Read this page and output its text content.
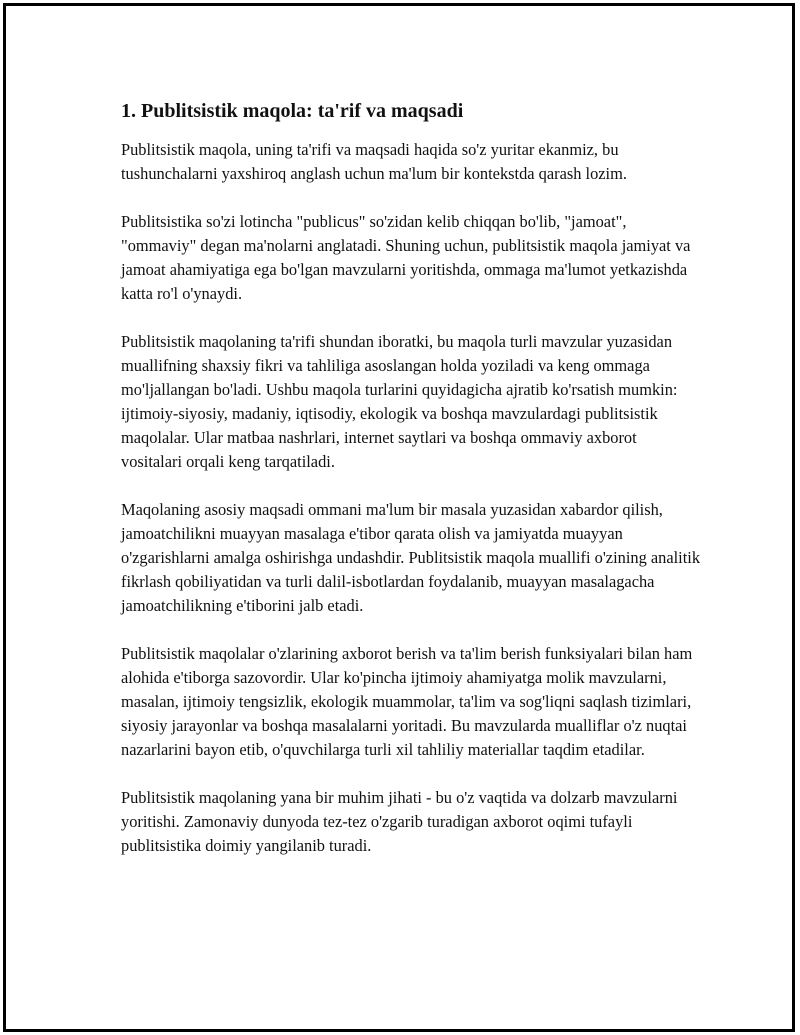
1. Publitsistik maqola: ta'rif va maqsadi

Publitsistik maqola, uning ta'rifi va maqsadi haqida so'z yuritar ekanmiz, bu tushunchalarni yaxshiroq anglash uchun ma'lum bir kontekstda qarash lozim.

Publitsistika so'zi lotincha "publicus" so'zidan kelib chiqqan bo'lib, "jamoat", "ommaviy" degan ma'nolarni anglatadi. Shuning uchun, publitsistik maqola jamiyat va jamoat ahamiyatiga ega bo'lgan mavzularni yoritishda, ommaga ma'lumot yetkazishda katta ro'l o'ynaydi.

Publitsistik maqolaning ta'rifi shundan iboratki, bu maqola turli mavzular yuzasidan muallifning shaxsiy fikri va tahliliga asoslangan holda yoziladi va keng ommaga mo'ljallangan bo'ladi. Ushbu maqola turlarini quyidagicha ajratib ko'rsatish mumkin: ijtimoiy-siyosiy, madaniy, iqtisodiy, ekologik va boshqa mavzulardagi publitsistik maqolalar. Ular matbaa nashrlari, internet saytlari va boshqa ommaviy axborot vositalari orqali keng tarqatiladi.

Maqolaning asosiy maqsadi ommani ma'lum bir masala yuzasidan xabardor qilish, jamoatchilikni muayyan masalaga e'tibor qarata olish va jamiyatda muayyan o'zgarishlarni amalga oshirishga undashdir. Publitsistik maqola muallifi o'zining analitik fikrlash qobiliyatidan va turli dalil-isbotlardan foydalanib, muayyan masalagacha jamoatchilikning e'tiborini jalb etadi.

Publitsistik maqolalar o'zlarining axborot berish va ta'lim berish funksiyalari bilan ham alohida e'tiborga sazovordir. Ular ko'pincha ijtimoiy ahamiyatga molik mavzularni, masalan, ijtimoiy tengsizlik, ekologik muammolar, ta'lim va sog'liqni saqlash tizimlari, siyosiy jarayonlar va boshqa masalalarni yoritadi. Bu mavzularda mualliflar o'z nuqtai nazarlarini bayon etib, o'quvchilarga turli xil tahliliy materiallar taqdim etadilar.

Publitsistik maqolaning yana bir muhim jihati - bu o'z vaqtida va dolzarb mavzularni yoritishi. Zamonaviy dunyoda tez-tez o'zgarib turadigan axborot oqimi tufayli publitsistika doimiy yangilanib turadi.
